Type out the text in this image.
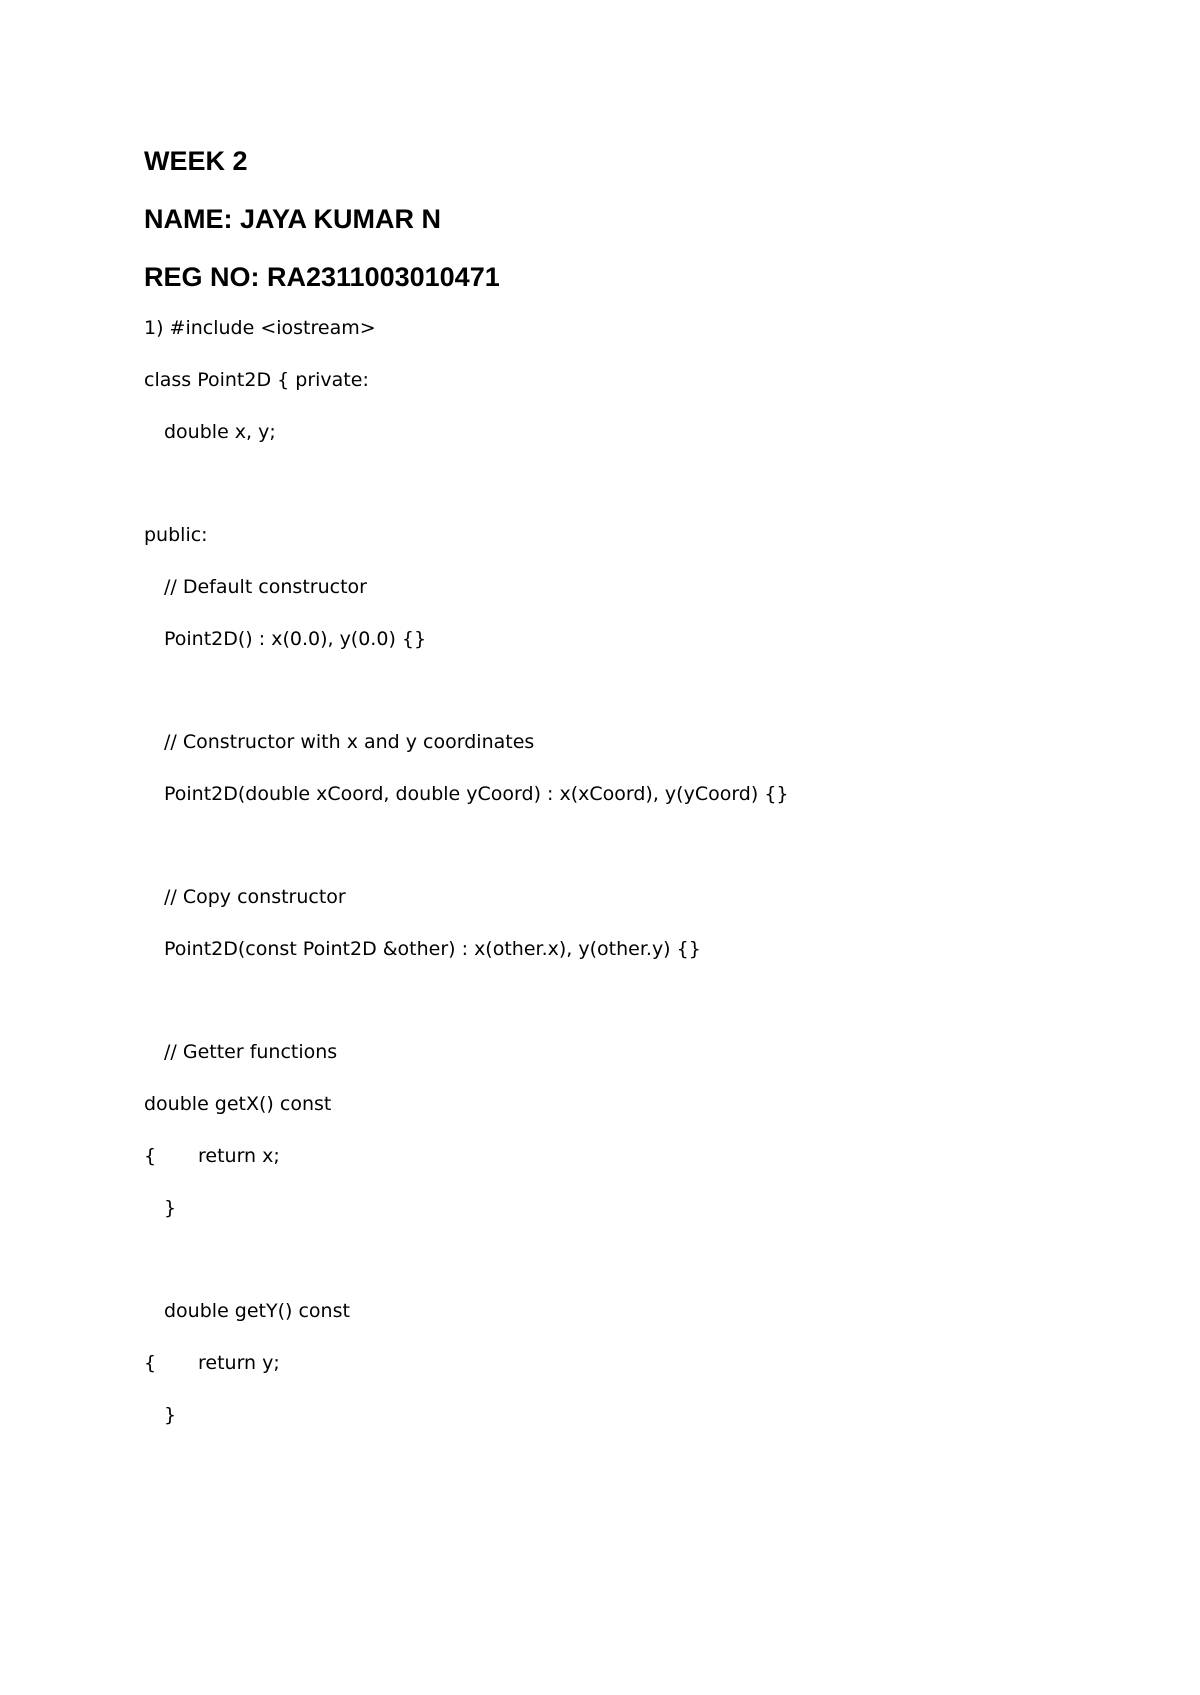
WEEK 2
NAME: JAYA KUMAR N
REG NO: RA2311003010471

1) #include <iostream>

class Point2D { private:

double x, y;

public:

// Default constructor

Point2D() : x(0.0), y(0.0) {}

// Constructor with x and y coordinates

Point2D(double xCoord, double yCoord) : x(xCoord), y(yCoord) {}

// Copy constructor

Point2D(const Point2D &other) : x(other.x), y(other.y) {}

// Getter functions

double getX() const

{ return x;

}

double getY() const

{ return y;

}
